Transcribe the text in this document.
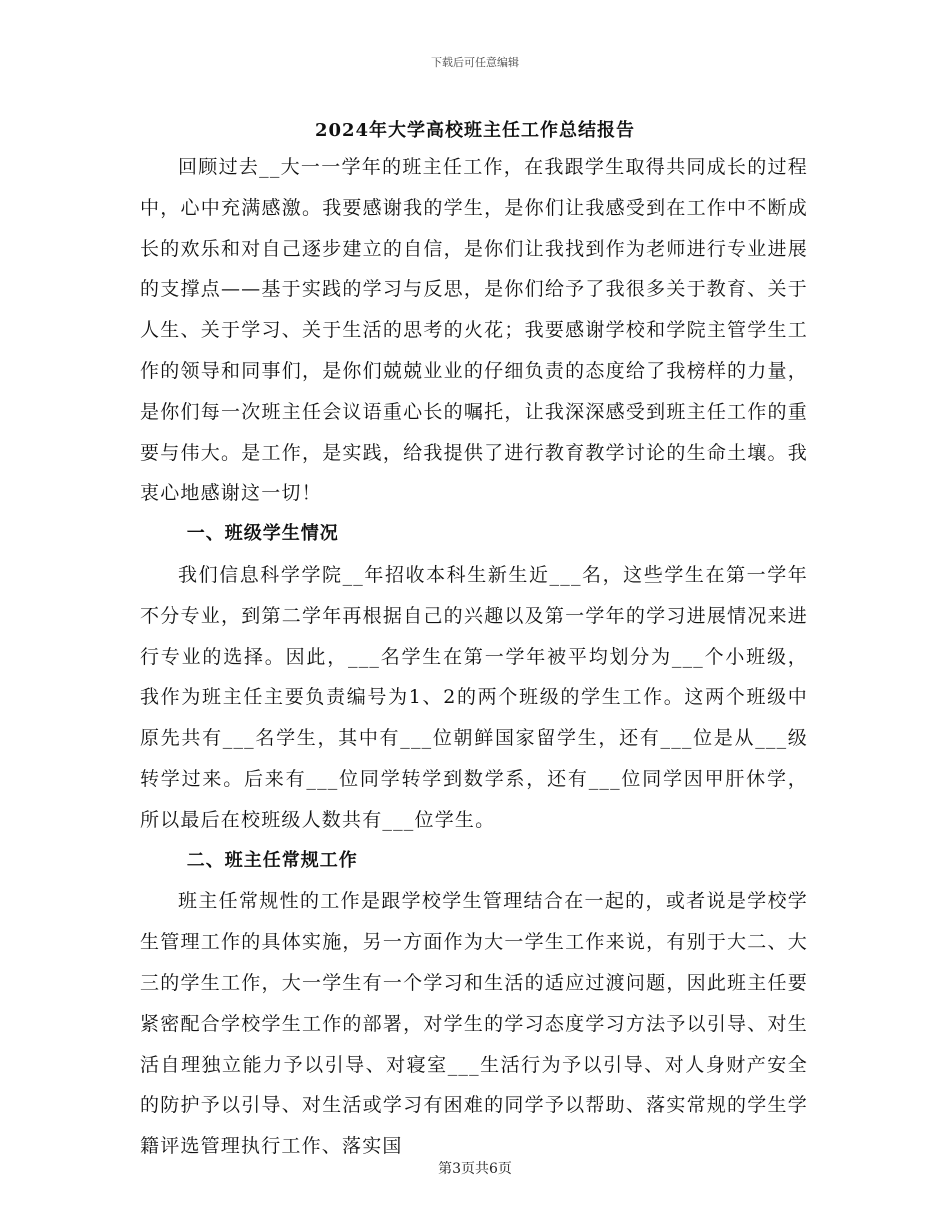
下载后可任意编辑
2024年大学高校班主任工作总结报告

回顾过去__大一一学年的班主任工作，在我跟学生取得共同成长的过程中，心中充满感激。我要感谢我的学生，是你们让我感受到在工作中不断成长的欢乐和对自己逐步建立的自信，是你们让我找到作为老师进行专业进展的支撑点——基于实践的学习与反思，是你们给予了我很多关于教育、关于人生、关于学习、关于生活的思考的火花；我要感谢学校和学院主管学生工作的领导和同事们，是你们兢兢业业的仔细负责的态度给了我榜样的力量，是你们每一次班主任会议语重心长的嘱托，让我深深感受到班主任工作的重要与伟大。是工作，是实践，给我提供了进行教育教学讨论的生命土壤。我衷心地感谢这一切！

一、班级学生情况

我们信息科学学院__年招收本科生新生近___名，这些学生在第一学年不分专业，到第二学年再根据自己的兴趣以及第一学年的学习进展情况来进行专业的选择。因此，___名学生在第一学年被平均划分为___个小班级，我作为班主任主要负责编号为1、2的两个班级的学生工作。这两个班级中原先共有___名学生，其中有___位朝鲜国家留学生，还有___位是从___级转学过来。后来有___位同学转学到数学系，还有___位同学因甲肝休学，所以最后在校班级人数共有___位学生。

二、班主任常规工作

班主任常规性的工作是跟学校学生管理结合在一起的，或者说是学校学生管理工作的具体实施，另一方面作为大一学生工作来说，有别于大二、大三的学生工作，大一学生有一个学习和生活的适应过渡问题，因此班主任要紧密配合学校学生工作的部署，对学生的学习态度学习方法予以引导、对生活自理独立能力予以引导、对寝室___生活行为予以引导、对人身财产安全的防护予以引导、对生活或学习有困难的同学予以帮助、落实常规的学生学籍评选管理执行工作、落实国

第3页共6页
